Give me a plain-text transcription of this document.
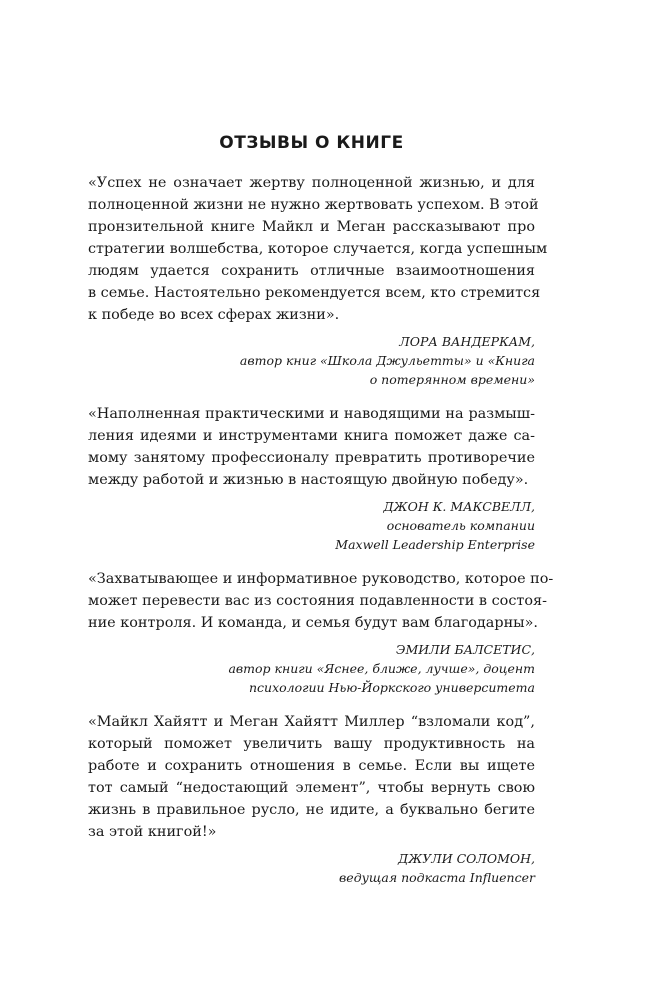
ОТЗЫВЫ О КНИГЕ

«Успех не означает жертву полноценной жизнью, и для
полноценной жизни не нужно жертвовать успехом. В этой
пронзительной книге Майкл и Меган рассказывают про
стратегии волшебства, которое случается, когда успешным
людям удается сохранить отличные взаимоотношения
в семье. Настоятельно рекомендуется всем, кто стремится
к победе во всех сферах жизни».

ЛОРА ВАНДЕРКАМ,
автор книг «Школа Джульетты» и «Книга
о потерянном времени»

«Наполненная практическими и наводящими на размыш-
ления идеями и инструментами книга поможет даже са-
мому занятому профессионалу превратить противоречие
между работой и жизнью в настоящую двойную победу».

ДЖОН К. МАКСВЕЛЛ,
основатель компании
Maxwell Leadership Enterprise

«Захватывающее и информативное руководство, которое по-
может перевести вас из состояния подавленности в состоя-
ние контроля. И команда, и семья будут вам благодарны».

ЭМИЛИ БАЛСЕТИС,
автор книги «Яснее, ближе, лучше», доцент
психологии Нью-Йоркского университета

«Майкл Хайятт и Меган Хайятт Миллер “взломали код”,
который поможет увеличить вашу продуктивность на
работе и сохранить отношения в семье. Если вы ищете
тот самый “недостающий элемент”, чтобы вернуть свою
жизнь в правильное русло, не идите, а буквально бегите
за этой книгой!»

ДЖУЛИ СОЛОМОН,
ведущая подкаста Influencer
